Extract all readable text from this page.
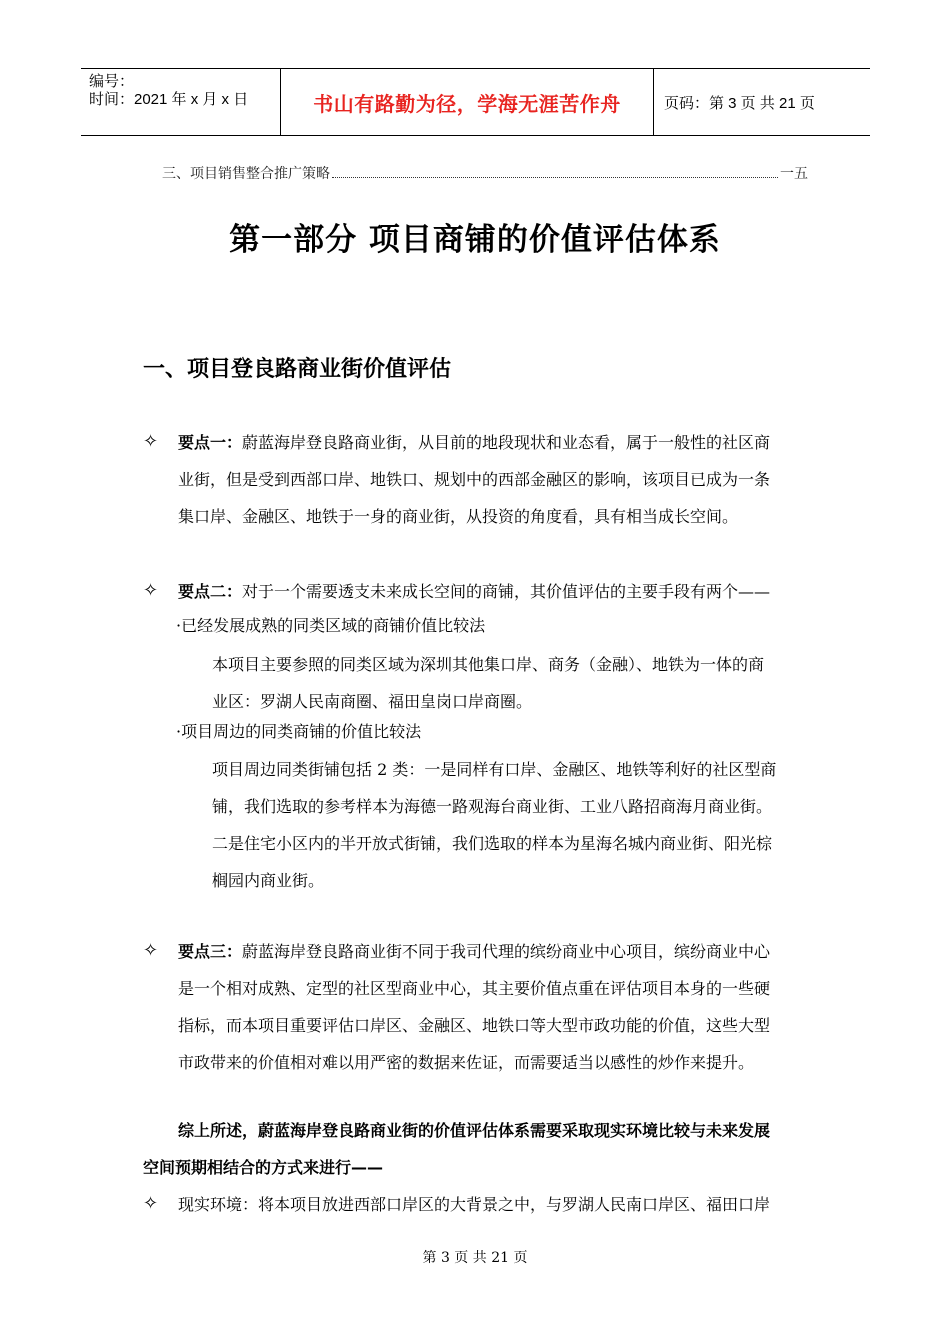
编号：
时间：2021 年 x 月 x 日	书山有路勤为径，学海无涯苦作舟	页码：第 3 页 共 21 页
三、项目销售整合推广策略	一五
第一部分 项目商铺的价值评估体系
一、项目登良路商业街价值评估
✧ 要点一：蔚蓝海岸登良路商业街，从目前的地段现状和业态看，属于一般性的社区商
业街，但是受到西部口岸、地铁口、规划中的西部金融区的影响，该项目已成为一条
集口岸、金融区、地铁于一身的商业街，从投资的角度看，具有相当成长空间。
✧ 要点二：对于一个需要透支未来成长空间的商铺，其价值评估的主要手段有两个——
·已经发展成熟的同类区域的商铺价值比较法
本项目主要参照的同类区域为深圳其他集口岸、商务（金融）、地铁为一体的商
业区：罗湖人民南商圈、福田皇岗口岸商圈。
·项目周边的同类商铺的价值比较法
项目周边同类街铺包括 2 类：一是同样有口岸、金融区、地铁等利好的社区型商
铺，我们选取的参考样本为海德一路观海台商业街、工业八路招商海月商业街。
二是住宅小区内的半开放式街铺，我们选取的样本为星海名城内商业街、阳光棕
榈园内商业街。
✧ 要点三：蔚蓝海岸登良路商业街不同于我司代理的缤纷商业中心项目，缤纷商业中心
是一个相对成熟、定型的社区型商业中心，其主要价值点重在评估项目本身的一些硬
指标，而本项目重要评估口岸区、金融区、地铁口等大型市政功能的价值，这些大型
市政带来的价值相对难以用严密的数据来佐证，而需要适当以感性的炒作来提升。
综上所述，蔚蓝海岸登良路商业街的价值评估体系需要采取现实环境比较与未来发展
空间预期相结合的方式来进行——
✧ 现实环境：将本项目放进西部口岸区的大背景之中，与罗湖人民南口岸区、福田口岸
第 3 页 共 21 页
